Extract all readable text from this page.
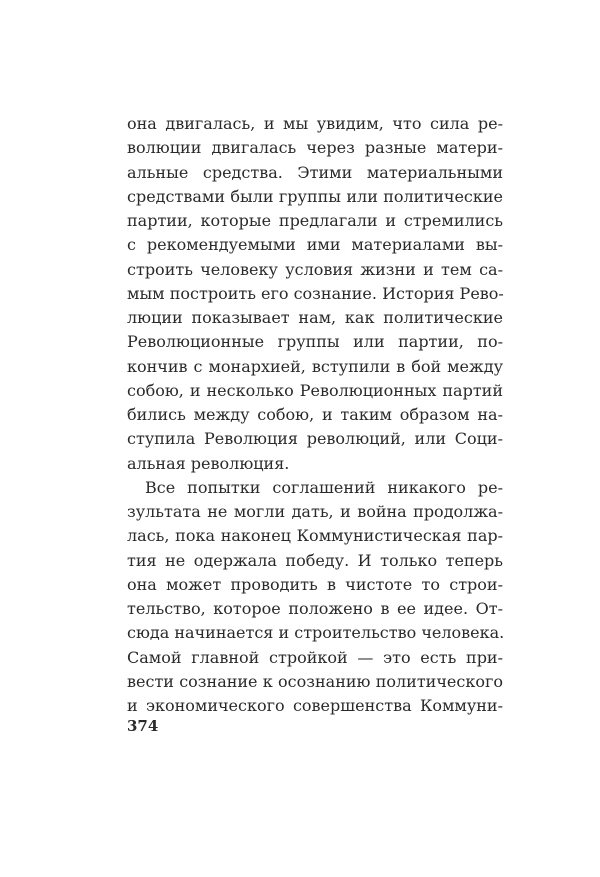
она двигалась, и мы увидим, что сила ре-
волюции двигалась через разные матери-
альные средства. Этими материальными
средствами были группы или политические
партии, которые предлагали и стремились
с рекомендуемыми ими материалами вы-
строить человеку условия жизни и тем са-
мым построить его сознание. История Рево-
люции показывает нам, как политические
Революционные группы или партии, по-
кончив с монархией, вступили в бой между
собою, и несколько Революционных партий
бились между собою, и таким образом на-
ступила Революция революций, или Соци-
альная революция.
Все попытки соглашений никакого ре-
зультата не могли дать, и война продолжа-
лась, пока наконец Коммунистическая пар-
тия не одержала победу. И только теперь
она может проводить в чистоте то строи-
тельство, которое положено в ее идее. От-
сюда начинается и строительство человека.
Самой главной стройкой — это есть при-
вести сознание к осознанию политического
и экономического совершенства Коммуни-
374
